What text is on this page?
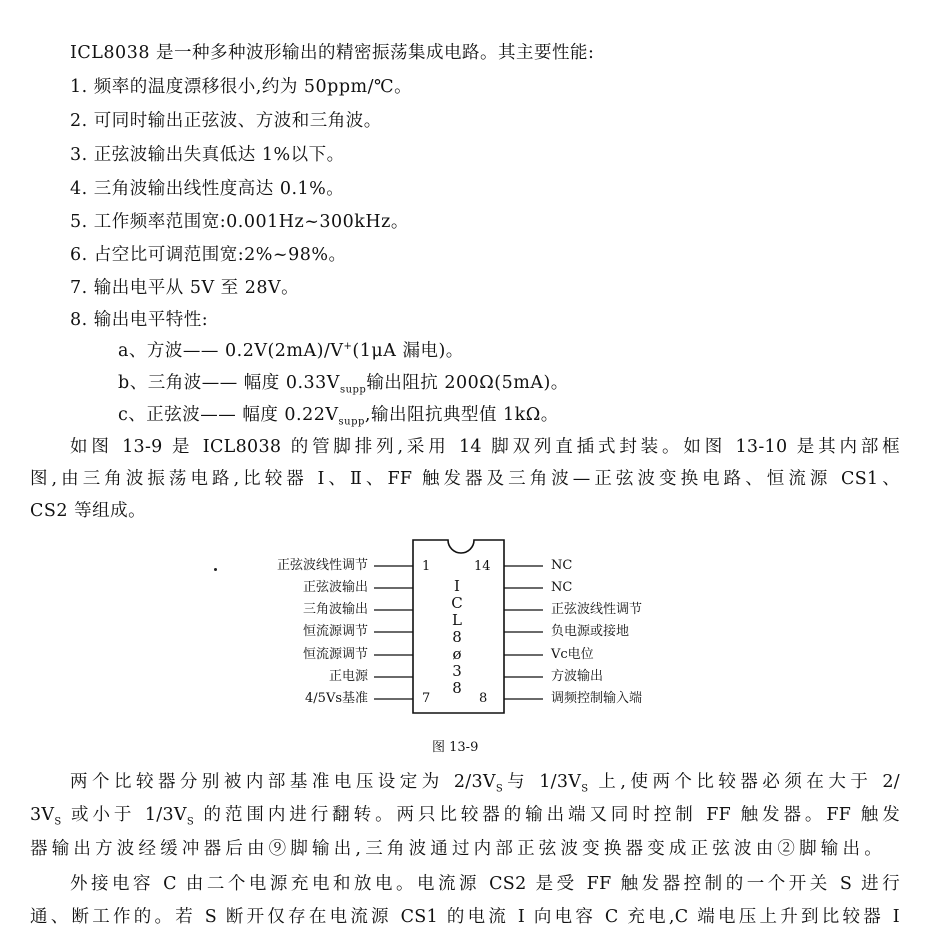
ICL8038 是一种多种波形输出的精密振荡集成电路。其主要性能:
1. 频率的温度漂移很小,约为 50ppm/℃。
2. 可同时输出正弦波、方波和三角波。
3. 正弦波输出失真低达 1%以下。
4. 三角波输出线性度高达 0.1%。
5. 工作频率范围宽:0.001Hz~300kHz。
6. 占空比可调范围宽:2%~98%。
7. 输出电平从 5V 至 28V。
8. 输出电平特性:
a、方波—— 0.2V(2mA)/V+(1μA 漏电)。
b、三角波—— 幅度 $0.33V_{supp}$输出阻抗 200Ω(5mA)。
c、正弦波—— 幅度 $0.22V_{supp}$,输出阻抗典型值 1kΩ。
如图 13-9 是 ICL8038 的管脚排列,采用 14 脚双列直插式封装。如图 13-10 是其内部框
图,由三角波振荡电路,比较器 Ⅰ、Ⅱ、FF 触发器及三角波—正弦波变换电路、恒流源 CS1、
CS2 等组成。
正弦波线性调节
正弦波输出
三角波输出
恒流源调节
恒流源调节
正电源
4/5Vs基准
NC
NC
正弦波线性调节
负电源或接地
Vc电位
方波输出
调频控制输入端
1	14
7	8
I
C
L
8
ø
3
8
图 13-9
两个比较器分别被内部基准电压设定为 $2/3V_S$与 $1/3V_S$ 上,使两个比较器必须在大于 2/
$3V_S$ 或小于 $1/3V_S$ 的范围内进行翻转。两只比较器的输出端又同时控制 FF 触发器。FF 触发
器输出方波经缓冲器后由⑨脚输出,三角波通过内部正弦波变换器变成正弦波由②脚输出。
外接电容 C 由二个电源充电和放电。电流源 CS2 是受 FF 触发器控制的一个开关 S 进行
通、断工作的。若 S 断开仅存在电流源 CS1 的电流 I 向电容 C 充电,C 端电压上升到比较器 I
